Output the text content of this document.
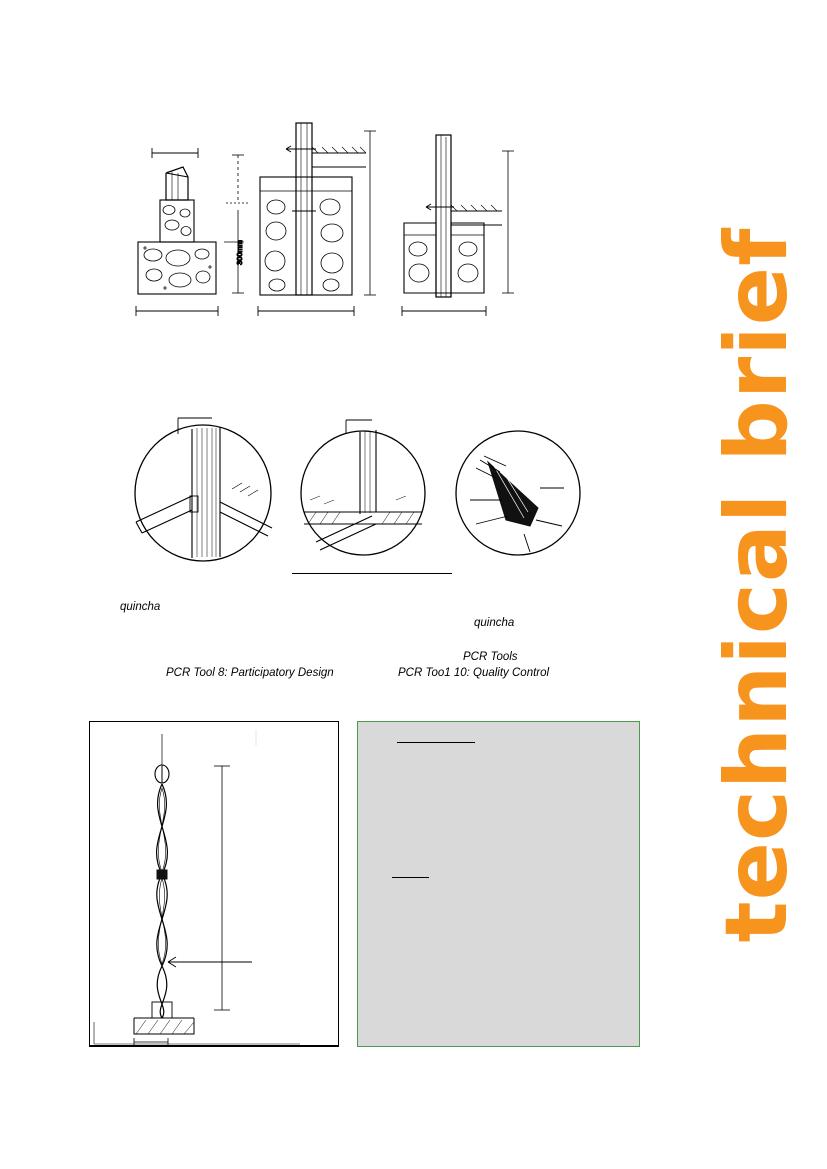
300mm
quincha
quincha
PCR Tools
PCR Tool 8: Participatory Design	PCR Too1 10: Quality Control technical brief
